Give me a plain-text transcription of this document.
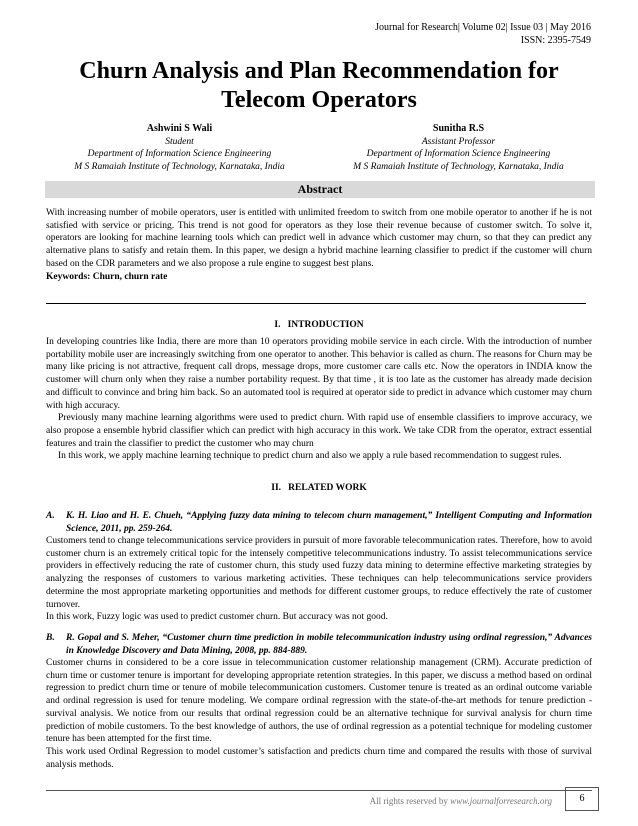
Journal for Research| Volume 02| Issue 03 | May 2016
ISSN: 2395-7549
Churn Analysis and Plan Recommendation for
Telecom Operators
Ashwini S Wali
Student
Department of Information Science Engineering
M S Ramaiah Institute of Technology, Karnataka, India
Sunitha R.S
Assistant Professor
Department of Information Science Engineering
M S Ramaiah Institute of Technology, Karnataka, India
Abstract
With increasing number of mobile operators, user is entitled with unlimited freedom to switch from one mobile operator to another if he is not satisfied with service or pricing. This trend is not good for operators as they lose their revenue because of customer switch. To solve it, operators are looking for machine learning tools which can predict well in advance which customer may churn, so that they can predict any alternative plans to satisfy and retain them. In this paper, we design a hybrid machine learning classifier to predict if the customer will churn based on the CDR parameters and we also propose a rule engine to suggest best plans.
Keywords: Churn, churn rate
I. INTRODUCTION

In developing countries like India, there are more than 10 operators providing mobile service in each circle. With the introduction of number portability mobile user are increasingly switching from one operator to another. This behavior is called as churn. The reasons for Churn may be many like pricing is not attractive, frequent call drops, message drops, more customer care calls etc. Now the operators in INDIA know the customer will churn only when they raise a number portability request. By that time , it is too late as the customer has already made decision and difficult to convince and bring him back. So an automated tool is required at operator side to predict in advance which customer may churn with high accuracy.

Previously many machine learning algorithms were used to predict churn. With rapid use of ensemble classifiers to improve accuracy, we also propose a ensemble hybrid classifier which can predict with high accuracy in this work. We take CDR from the operator, extract essential features and train the classifier to predict the customer who may churn

In this work, we apply machine learning technique to predict churn and also we apply a rule based recommendation to suggest rules.

II. RELATED WORK
A. K. H. Liao and H. E. Chueh, “Applying fuzzy data mining to telecom churn management,” Intelligent Computing and Information Science, 2011, pp. 259-264.

Customers tend to change telecommunications service providers in pursuit of more favorable telecommunication rates. Therefore, how to avoid customer churn is an extremely critical topic for the intensely competitive telecommunications industry. To assist telecommunications service providers in effectively reducing the rate of customer churn, this study used fuzzy data mining to determine effective marketing strategies by analyzing the responses of customers to various marketing activities. These techniques can help telecommunications service providers determine the most appropriate marketing opportunities and methods for different customer groups, to reduce effectively the rate of customer turnover.

In this work, Fuzzy logic was used to predict customer churn. But accuracy was not good.

B. R. Gopal and S. Meher, “Customer churn time prediction in mobile telecommunication industry using ordinal regression,” Advances in Knowledge Discovery and Data Mining, 2008, pp. 884-889.

Customer churns in considered to be a core issue in telecommunication customer relationship management (CRM). Accurate prediction of churn time or customer tenure is important for developing appropriate retention strategies. In this paper, we discuss a method based on ordinal regression to predict churn time or tenure of mobile telecommunication customers. Customer tenure is treated as an ordinal outcome variable and ordinal regression is used for tenure modeling. We compare ordinal regression with the state-of-the-art methods for tenure prediction - survival analysis. We notice from our results that ordinal regression could be an alternative technique for survival analysis for churn time prediction of mobile customers. To the best knowledge of authors, the use of ordinal regression as a potential technique for modeling customer tenure has been attempted for the first time.

This work used Ordinal Regression to model customer’s satisfaction and predicts churn time and compared the results with those of survival analysis methods.

All rights reserved by www.journalforresearch.org	6
